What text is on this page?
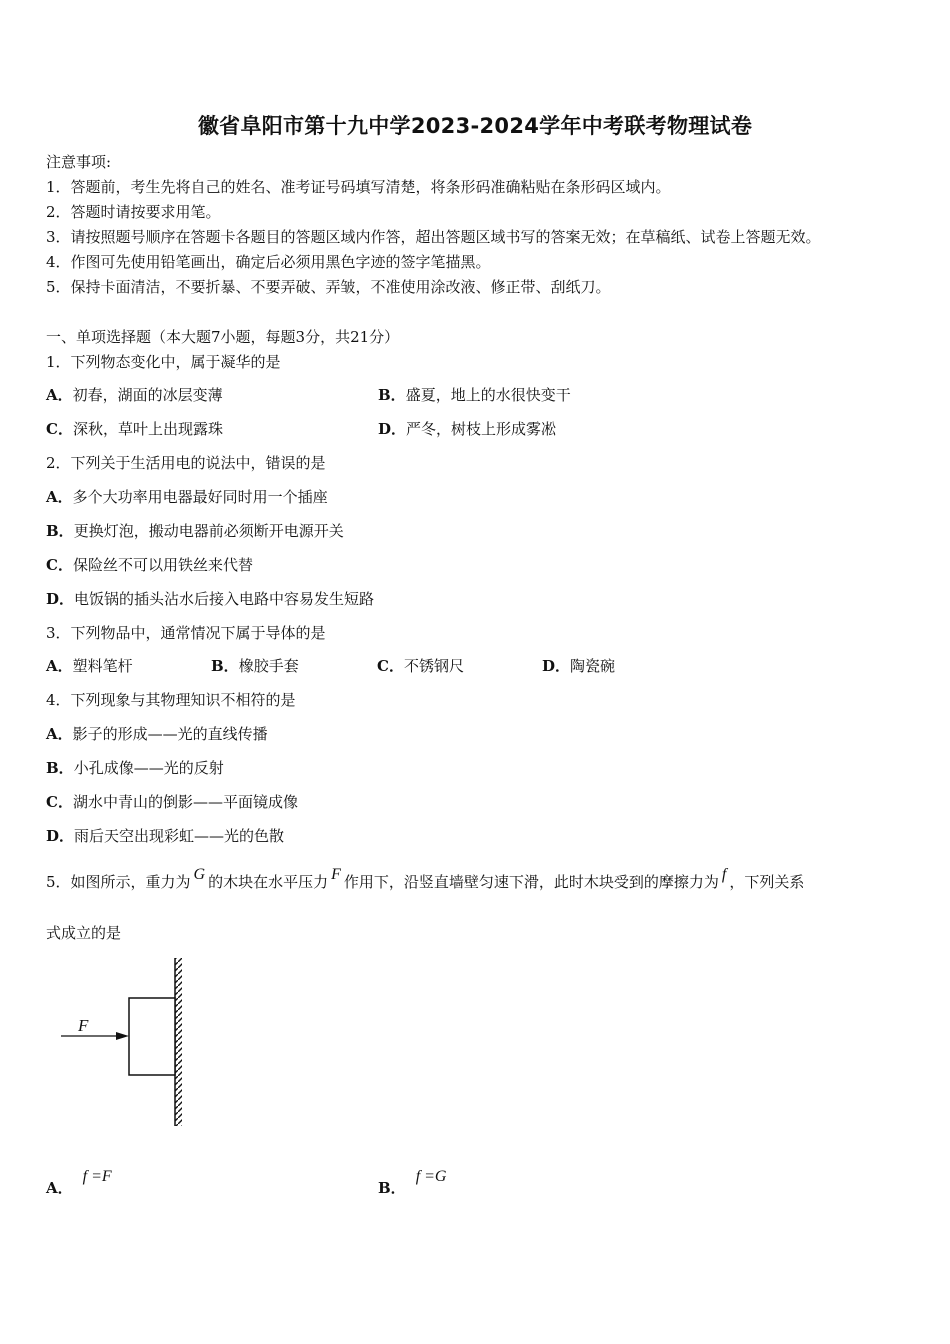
徽省阜阳市第十九中学2023-2024学年中考联考物理试卷
注意事项:
1．答题前，考生先将自己的姓名、准考证号码填写清楚，将条形码准确粘贴在条形码区域内。
2．答题时请按要求用笔。
3．请按照题号顺序在答题卡各题目的答题区域内作答，超出答题区域书写的答案无效；在草稿纸、试卷上答题无效。
4．作图可先使用铅笔画出，确定后必须用黑色字迹的签字笔描黑。
5．保持卡面清洁，不要折暴、不要弄破、弄皱，不准使用涂改液、修正带、刮纸刀。
一、单项选择题（本大题7小题，每题3分，共21分）
1．下列物态变化中，属于凝华的是
A．初春，湖面的冰层变薄	B．盛夏，地上的水很快变干
C．深秋，草叶上出现露珠	D．严冬，树枝上形成雾凇
2．下列关于生活用电的说法中，错误的是
A．多个大功率用电器最好同时用一个插座
B．更换灯泡，搬动电器前必须断开电源开关
C．保险丝不可以用铁丝来代替
D．电饭锅的插头沾水后接入电路中容易发生短路
3．下列物品中，通常情况下属于导体的是
A．塑料笔杆	B．橡胶手套	C．不锈钢尺	D．陶瓷碗
4．下列现象与其物理知识不相符的是
A．影子的形成——光的直线传播
B．小孔成像——光的反射
C．湖水中青山的倒影——平面镜成像
D．雨后天空出现彩虹——光的色散
5．如图所示，重力为 G 的木块在水平压力 F 作用下，沿竖直墙壁匀速下滑，此时木块受到的摩擦力为 f ，下列关系
式成立的是
F
A．f =F
B．f =G
